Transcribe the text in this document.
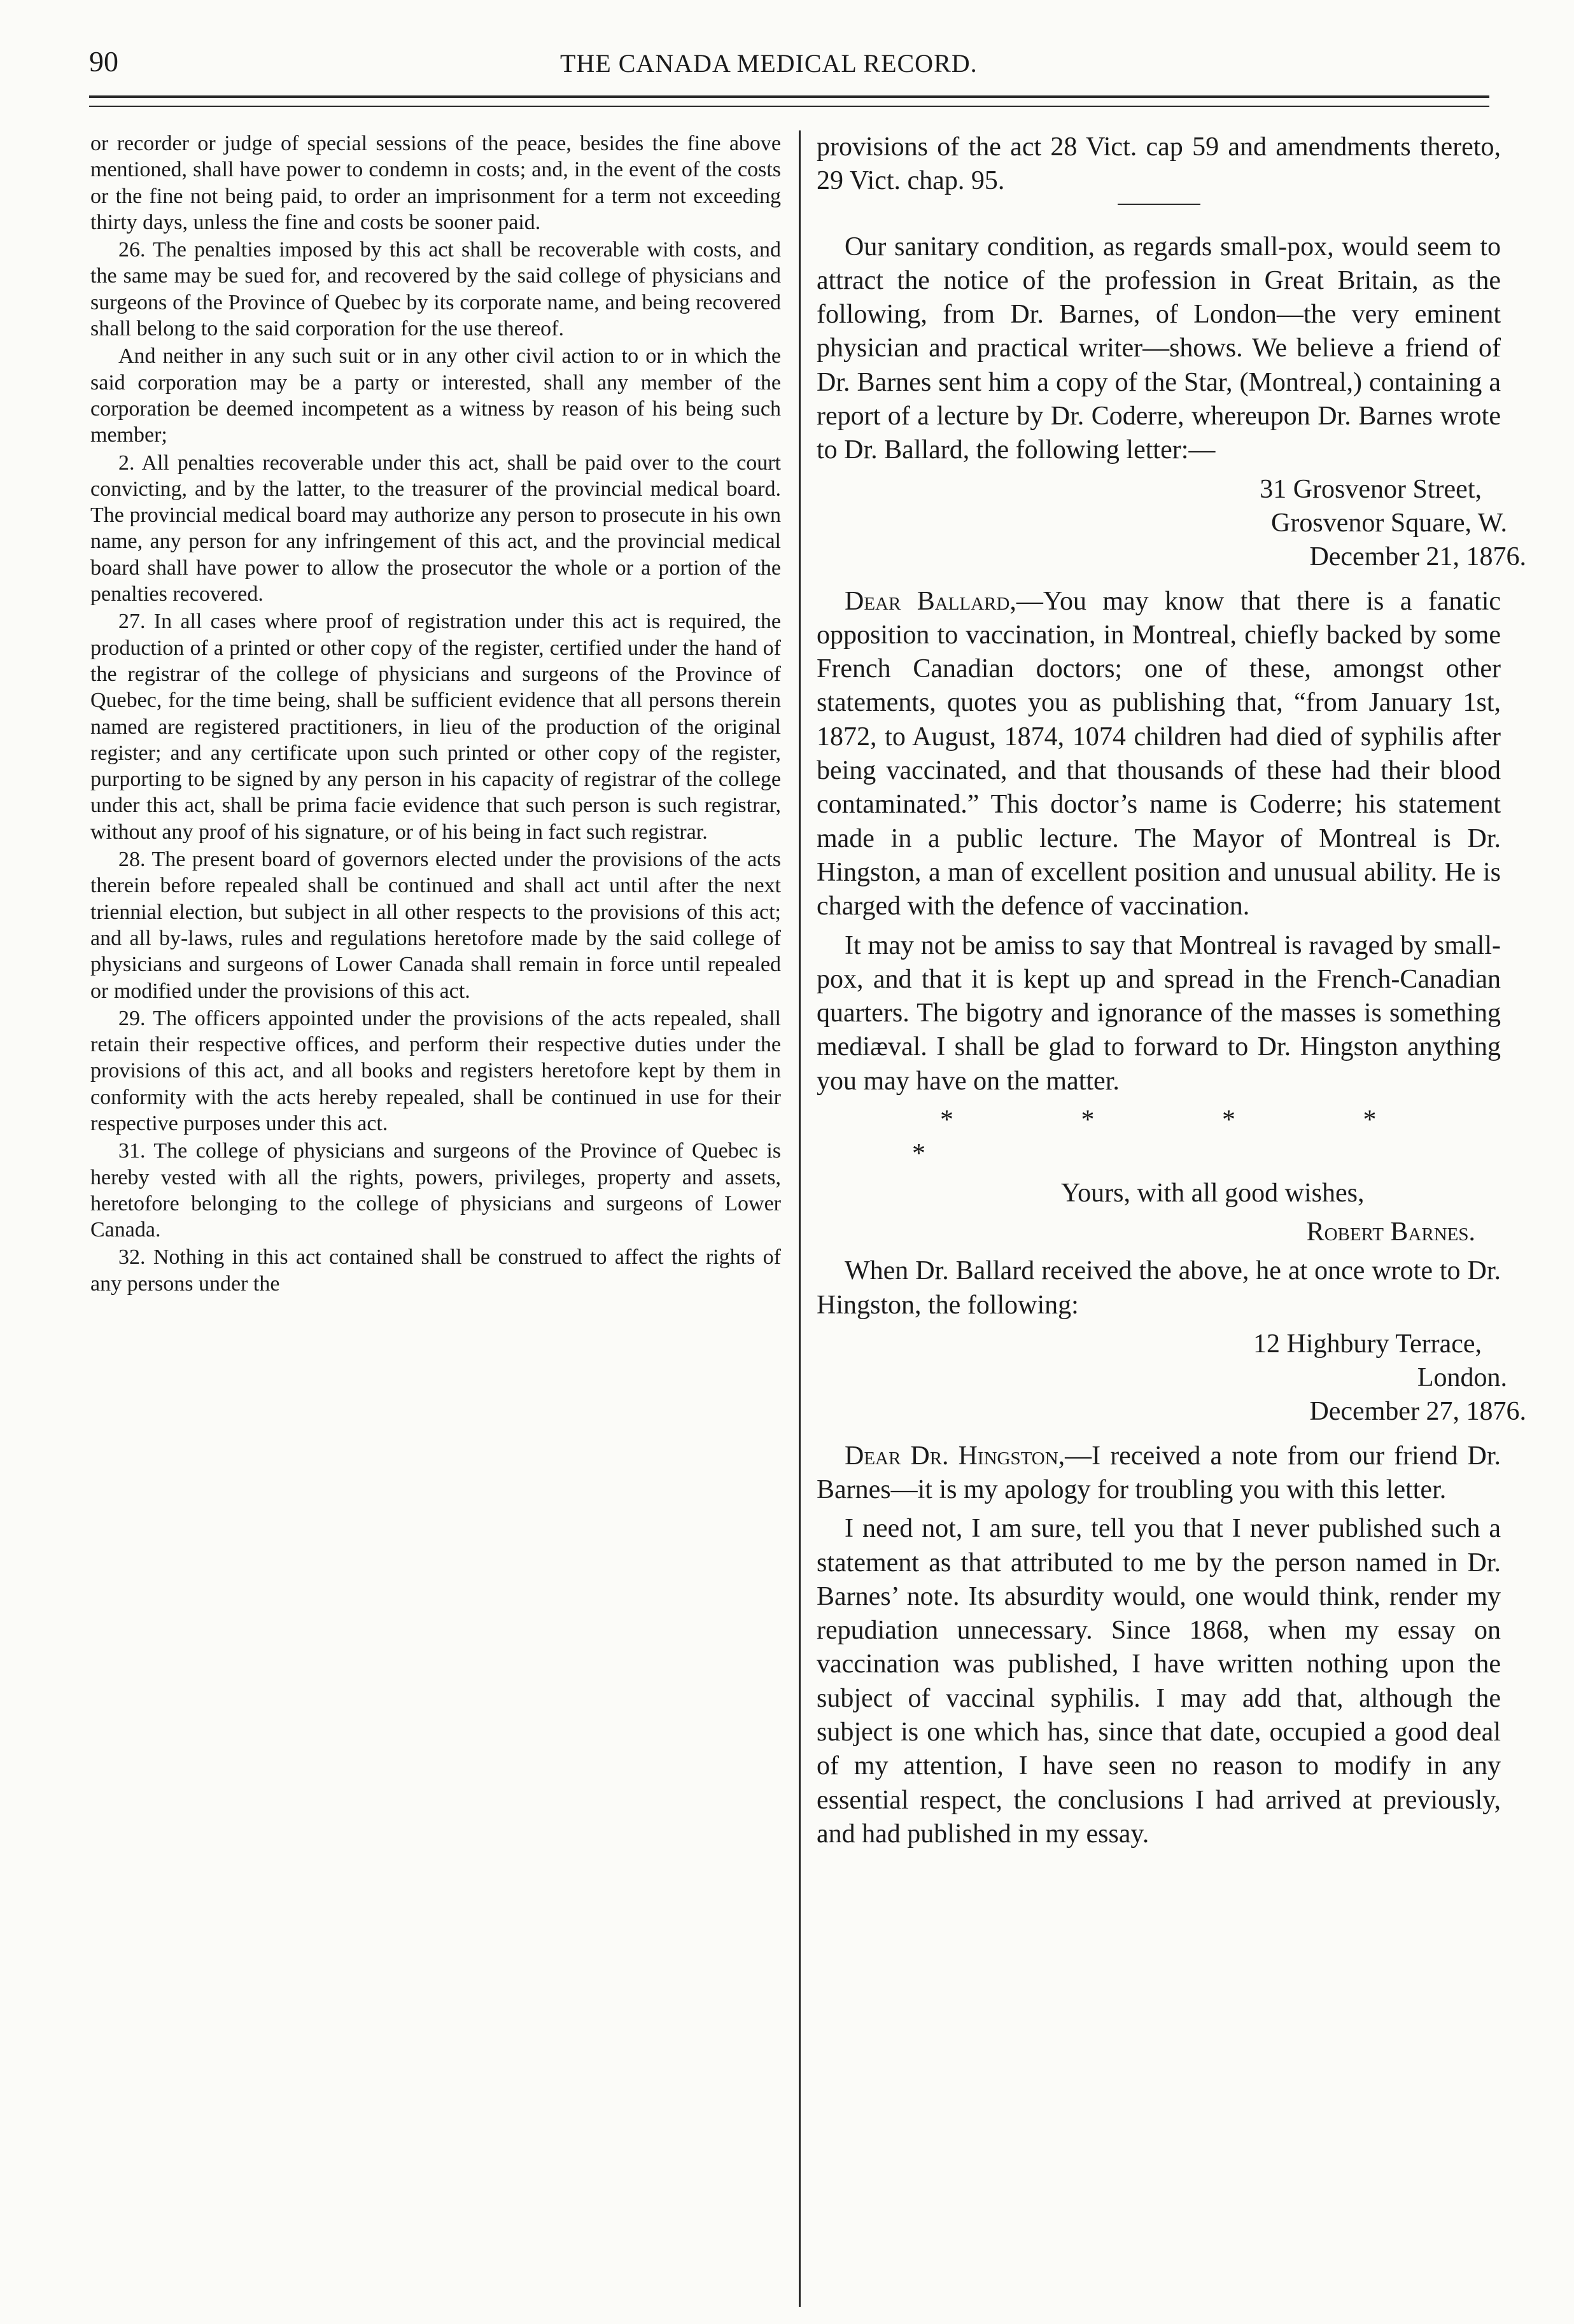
90	THE CANADA MEDICAL RECORD.

or recorder or judge of special sessions of the peace, besides the fine above mentioned, shall have power to condemn in costs; and, in the event of the costs or the fine not being paid, to order an imprisonment for a term not exceeding thirty days, unless the fine and costs be sooner paid.

26. The penalties imposed by this act shall be recoverable with costs, and the same may be sued for, and recovered by the said college of physicians and surgeons of the Province of Quebec by its corporate name, and being recovered shall belong to the said corporation for the use thereof.

And neither in any such suit or in any other civil action to or in which the said corporation may be a party or interested, shall any member of the corporation be deemed incompetent as a witness by reason of his being such member;

2. All penalties recoverable under this act, shall be paid over to the court convicting, and by the latter, to the treasurer of the provincial medical board. The provincial medical board may authorize any person to prosecute in his own name, any person for any infringement of this act, and the provincial medical board shall have power to allow the prosecutor the whole or a portion of the penalties recovered.

27. In all cases where proof of registration under this act is required, the production of a printed or other copy of the register, certified under the hand of the registrar of the college of physicians and surgeons of the Province of Quebec, for the time being, shall be sufficient evidence that all persons therein named are registered practitioners, in lieu of the production of the original register; and any certificate upon such printed or other copy of the register, purporting to be signed by any person in his capacity of registrar of the college under this act, shall be prima facie evidence that such person is such registrar, without any proof of his signature, or of his being in fact such registrar.

28. The present board of governors elected under the provisions of the acts therein before repealed shall be continued and shall act until after the next triennial election, but subject in all other respects to the provisions of this act; and all by-laws, rules and regulations heretofore made by the said college of physicians and surgeons of Lower Canada shall remain in force until repealed or modified under the provisions of this act.

29. The officers appointed under the provisions of the acts repealed, shall retain their respective offices, and perform their respective duties under the provisions of this act, and all books and registers heretofore kept by them in conformity with the acts hereby repealed, shall be continued in use for their respective purposes under this act.

31. The college of physicians and surgeons of the Province of Quebec is hereby vested with all the rights, powers, privileges, property and assets, heretofore belonging to the college of physicians and surgeons of Lower Canada.

32. Nothing in this act contained shall be construed to affect the rights of any persons under the

provisions of the act 28 Vict. cap 59 and amendments thereto, 29 Vict. chap. 95.

Our sanitary condition, as regards small-pox, would seem to attract the notice of the profession in Great Britain, as the following, from Dr. Barnes, of London—the very eminent physician and practical writer—shows. We believe a friend of Dr. Barnes sent him a copy of the Star, (Montreal,) containing a report of a lecture by Dr. Coderre, whereupon Dr. Barnes wrote to Dr. Ballard, the following letter:—

31 Grosvenor Street,
Grosvenor Square, W.
December 21, 1876.

Dear Ballard,—You may know that there is a fanatic opposition to vaccination, in Montreal, chiefly backed by some French Canadian doctors; one of these, amongst other statements, quotes you as publishing that, “from January 1st, 1872, to August, 1874, 1074 children had died of syphilis after being vaccinated, and that thousands of these had their blood contaminated.” This doctor’s name is Coderre; his statement made in a public lecture. The Mayor of Montreal is Dr. Hingston, a man of excellent position and unusual ability. He is charged with the defence of vaccination.

It may not be amiss to say that Montreal is ravaged by small-pox, and that it is kept up and spread in the French-Canadian quarters. The bigotry and ignorance of the masses is something mediæval. I shall be glad to forward to Dr. Hingston anything you may have on the matter.

* * * * *

Yours, with all good wishes,

Robert Barnes.

When Dr. Ballard received the above, he at once wrote to Dr. Hingston, the following:

12 Highbury Terrace,
London.
December 27, 1876.

Dear Dr. Hingston,—I received a note from our friend Dr. Barnes—it is my apology for troubling you with this letter.

I need not, I am sure, tell you that I never published such a statement as that attributed to me by the person named in Dr. Barnes’ note. Its absurdity would, one would think, render my repudiation unnecessary. Since 1868, when my essay on vaccination was published, I have written nothing upon the subject of vaccinal syphilis. I may add that, although the subject is one which has, since that date, occupied a good deal of my attention, I have seen no reason to modify in any essential respect, the conclusions I had arrived at previously, and had published in my essay.
